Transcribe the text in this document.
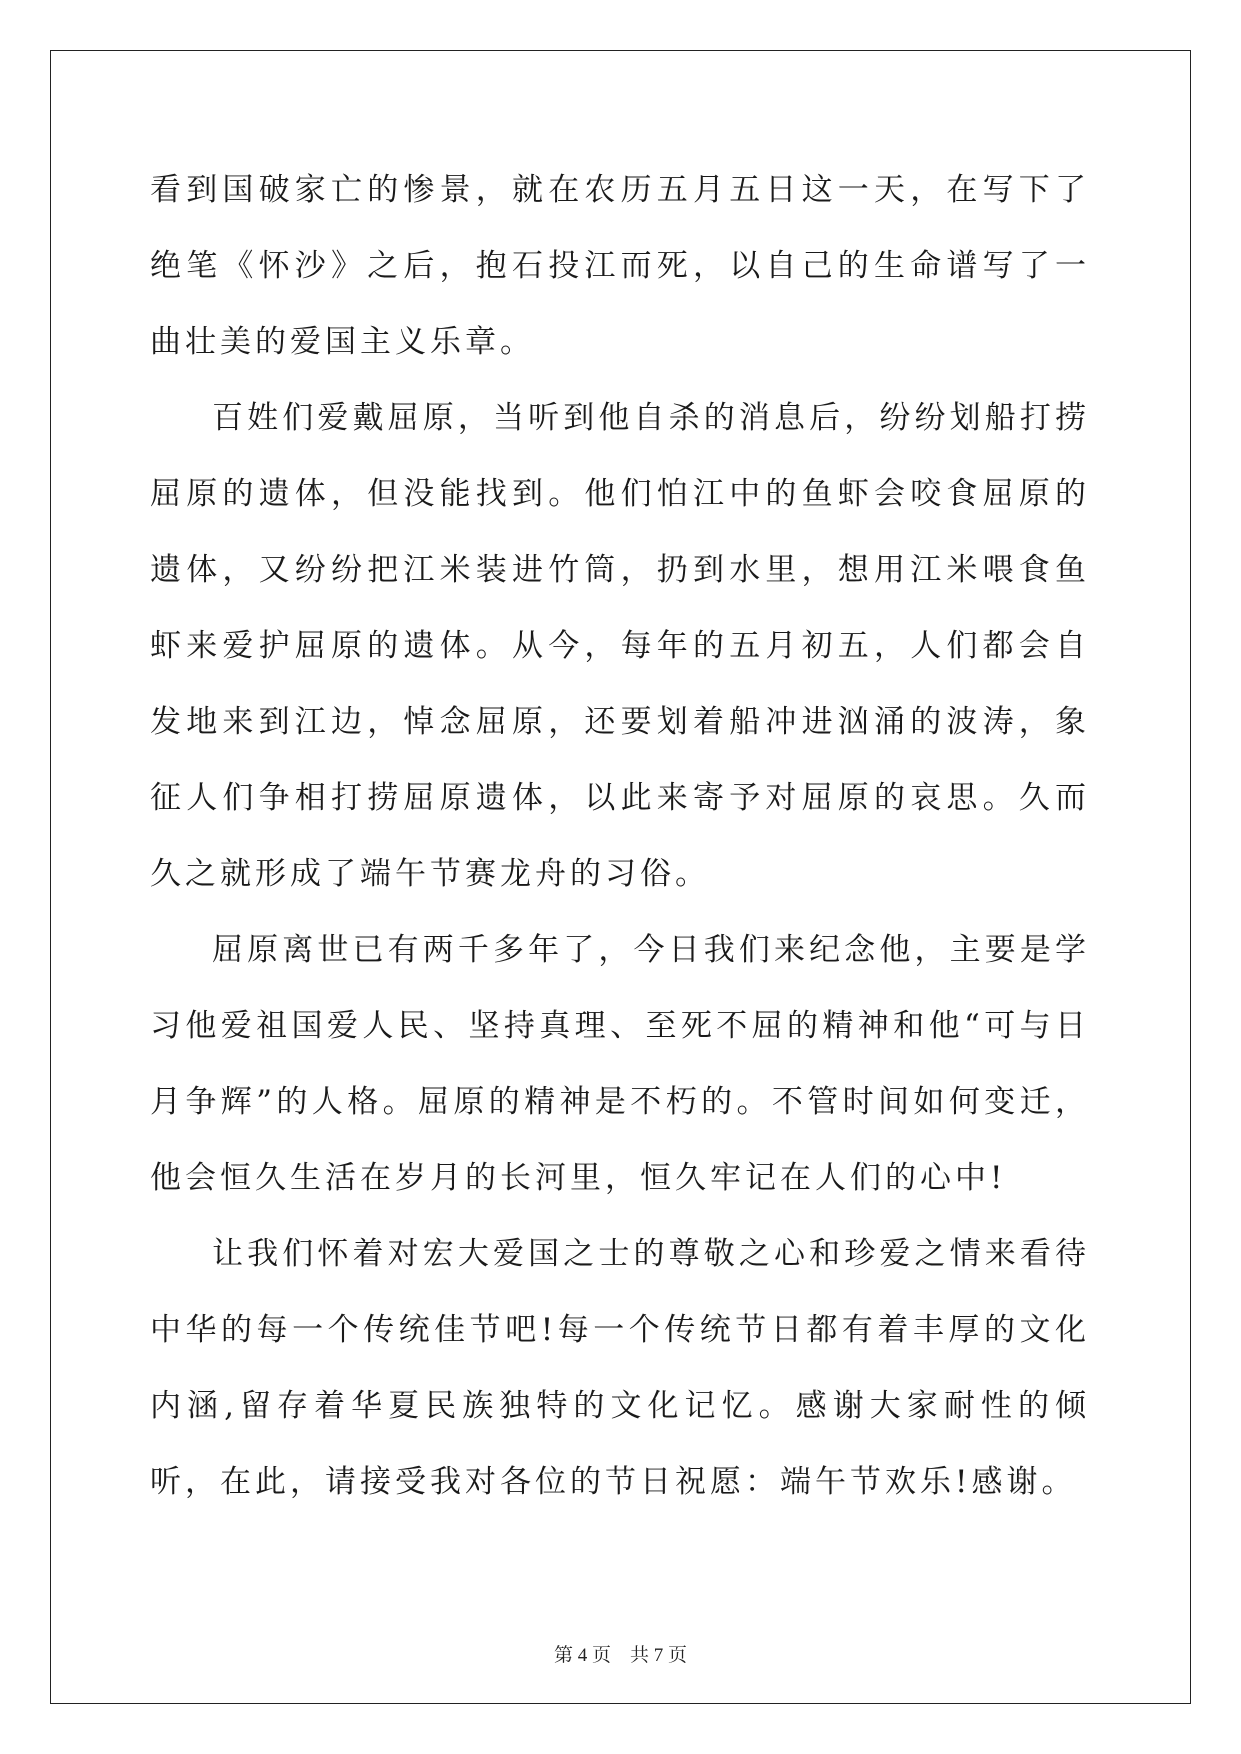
看到国破家亡的惨景，就在农历五月五日这一天，在写下了绝笔《怀沙》之后，抱石投江而死，以自己的生命谱写了一曲壮美的爱国主义乐章。

百姓们爱戴屈原，当听到他自杀的消息后，纷纷划船打捞屈原的遗体，但没能找到。他们怕江中的鱼虾会咬食屈原的遗体，又纷纷把江米装进竹筒，扔到水里，想用江米喂食鱼虾来爱护屈原的遗体。从今，每年的五月初五，人们都会自发地来到江边，悼念屈原，还要划着船冲进汹涌的波涛，象征人们争相打捞屈原遗体，以此来寄予对屈原的哀思。久而久之就形成了端午节赛龙舟的习俗。

屈原离世已有两千多年了，今日我们来纪念他，主要是学习他爱祖国爱人民、坚持真理、至死不屈的精神和他“可与日月争辉”的人格。屈原的精神是不朽的。不管时间如何变迁，他会恒久生活在岁月的长河里，恒久牢记在人们的心中!

让我们怀着对宏大爱国之士的尊敬之心和珍爱之情来看待中华的每一个传统佳节吧!每一个传统节日都有着丰厚的文化内涵,留存着华夏民族独特的文化记忆。感谢大家耐性的倾听，在此，请接受我对各位的节日祝愿：端午节欢乐!感谢。

第 4 页    共 7 页
